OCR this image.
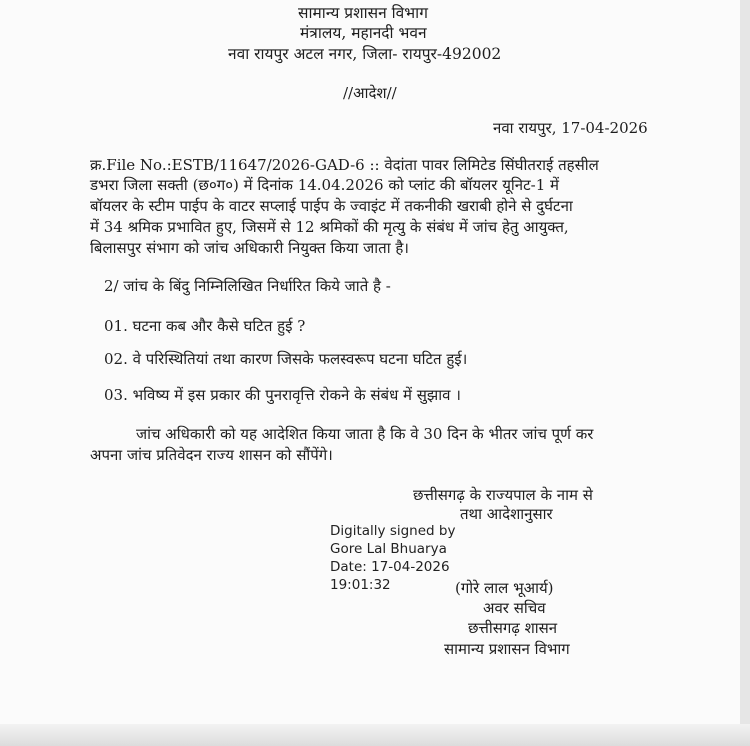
सामान्य प्रशासन विभाग
मंत्रालय, महानदी भवन
नवा रायपुर अटल नगर, जिला- रायपुर-492002
//आदेश//
नवा रायपुर, 17-04-2026
क्र.File No.:ESTB/11647/2026-GAD-6 :: वेदांता पावर लिमिटेड सिंघीतराई तहसील
डभरा जिला सक्ती (छ०ग०) में दिनांक 14.04.2026 को प्लांट की बॉयलर यूनिट-1 में
बॉयलर के स्टीम पाईप के वाटर सप्लाई पाईप के ज्वाइंट में तकनीकी खराबी होने से दुर्घटना
में 34 श्रमिक प्रभावित हुए, जिसमें से 12 श्रमिकों की मृत्यु के संबंध में जांच हेतु आयुक्त,
बिलासपुर संभाग को जांच अधिकारी नियुक्त किया जाता है।
2/ जांच के बिंदु निम्निलिखित निर्धारित किये जाते है -
01. घटना कब और कैसे घटित हुई ?
02. वे परिस्थितियां तथा कारण जिसके फलस्वरूप घटना घटित हुई।
03. भविष्य में इस प्रकार की पुनरावृत्ति रोकने के संबंध में सुझाव ।
जांच अधिकारी को यह आदेशित किया जाता है कि वे 30 दिन के भीतर जांच पूर्ण कर
अपना जांच प्रतिवेदन राज्य शासन को सौंपेंगे।
छत्तीसगढ़ के राज्यपाल के नाम से
तथा आदेशानुसार
Digitally signed by
Gore Lal Bhuarya
Date: 17-04-2026
19:01:32	(गोरे लाल भूआर्य)
अवर सचिव
छत्तीसगढ़ शासन
सामान्य प्रशासन विभाग
